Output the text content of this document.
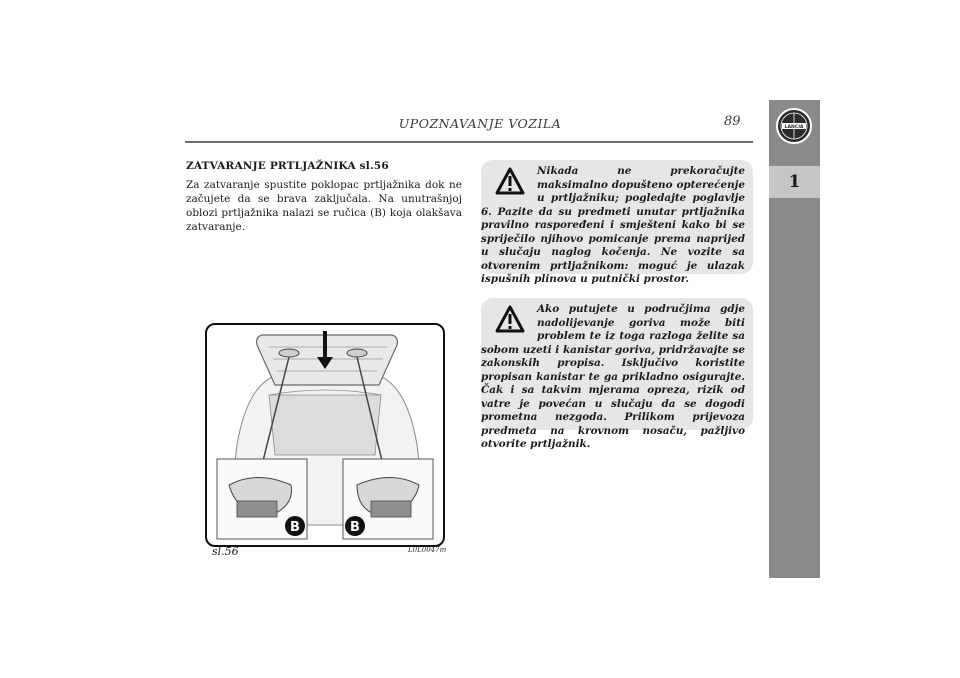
UPOZNAVANJE VOZILA	89	LANCIA
1
ZATVARANJE PRTLJAŽNIKA sl.56

Za zatvaranje spustite poklopac prtljažnika dok ne začujete da se brava zaključala. Na unutrašnjoj oblozi prtljažnika nalazi se ručica (B) koja olakšava zatvaranje.

Nikada ne prekoračujte maksimalno dopušteno opterećenje u prtljažniku; pogledajte poglavlje 6. Pazite da su predmeti unutar prtljažnika pravilno raspoređeni i smješteni kako bi se spriječilo njihovo pomicanje prema naprijed u slučaju naglog kočenja. Ne vozite sa otvorenim prtljažnikom: moguć je ulazak ispušnih plinova u putnički prostor.

Ako putujete u područjima gdje nadolijevanje goriva može biti problem te iz toga razloga želite sa sobom uzeti i kanistar goriva, pridržavajte se zakonskih propisa. Isključivo koristite propisan kanistar te ga prikladno osigurajte. Čak i sa takvim mjerama opreza, rizik od vatre je povećan u slučaju da se dogodi prometna nezgoda. Prilikom prijevoza predmeta na krovnom nosaču, pažljivo otvorite prtljažnik.

B	B
sl.56	L0L0047m
